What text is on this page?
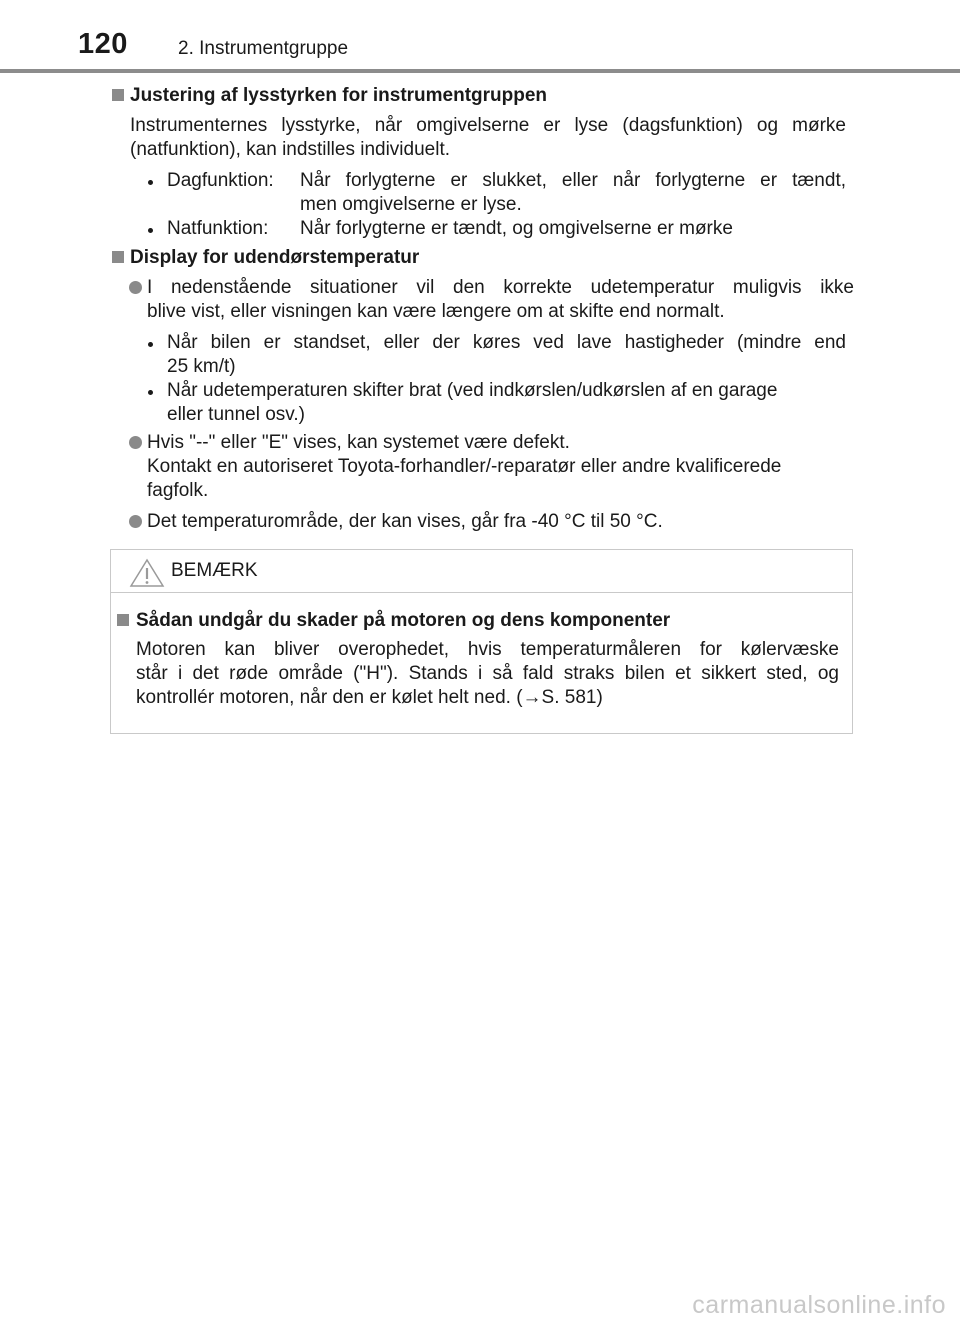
120	2. Instrumentgruppe
Justering af lysstyrken for instrumentgruppen
Instrumenternes lysstyrke, når omgivelserne er lyse (dagsfunktion) og mørke
(natfunktion), kan indstilles individuelt.
Dagfunktion: Når forlygterne er slukket, eller når forlygterne er tændt,
men omgivelserne er lyse.
Natfunktion: Når forlygterne er tændt, og omgivelserne er mørke
Display for udendørstemperatur
I nedenstående situationer vil den korrekte udetemperatur muligvis ikke
blive vist, eller visningen kan være længere om at skifte end normalt.
Når bilen er standset, eller der køres ved lave hastigheder (mindre end
25 km/t)
Når udetemperaturen skifter brat (ved indkørslen/udkørslen af en garage
eller tunnel osv.)
Hvis "--" eller "E" vises, kan systemet være defekt.
Kontakt en autoriseret Toyota-forhandler/-reparatør eller andre kvalificerede
fagfolk.
Det temperaturområde, der kan vises, går fra -40 °C til 50 °C.
BEMÆRK
Sådan undgår du skader på motoren og dens komponenter
Motoren kan bliver overophedet, hvis temperaturmåleren for kølervæske
står i det røde område ("H"). Stands i så fald straks bilen et sikkert sted, og
kontrollér motoren, når den er kølet helt ned. (→S. 581)
carmanualsonline.info
